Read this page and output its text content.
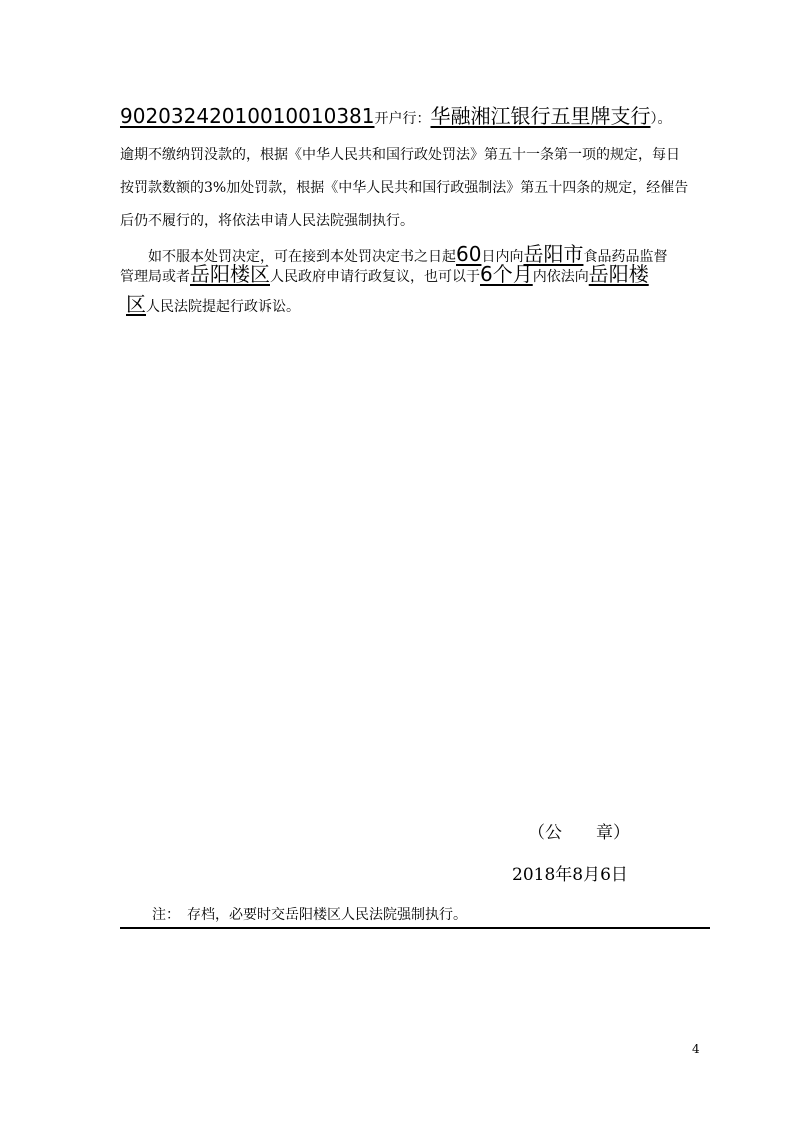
90203242010010010381开户行：华融湘江银行五里牌支行）。
逾期不缴纳罚没款的，根据《中华人民共和国行政处罚法》第五十一条第一项的规定，每日
按罚款数额的3%加处罚款，根据《中华人民共和国行政强制法》第五十四条的规定，经催告
后仍不履行的，将依法申请人民法院强制执行。
如不服本处罚决定，可在接到本处罚决定书之日起60日内向岳阳市食品药品监督
管理局或者岳阳楼区人民政府申请行政复议，也可以于6个月内依法向岳阳楼
区人民法院提起行政诉讼。
（公　　章）
2018年8月6日
注：　存档，必要时交岳阳楼区人民法院强制执行。
4
